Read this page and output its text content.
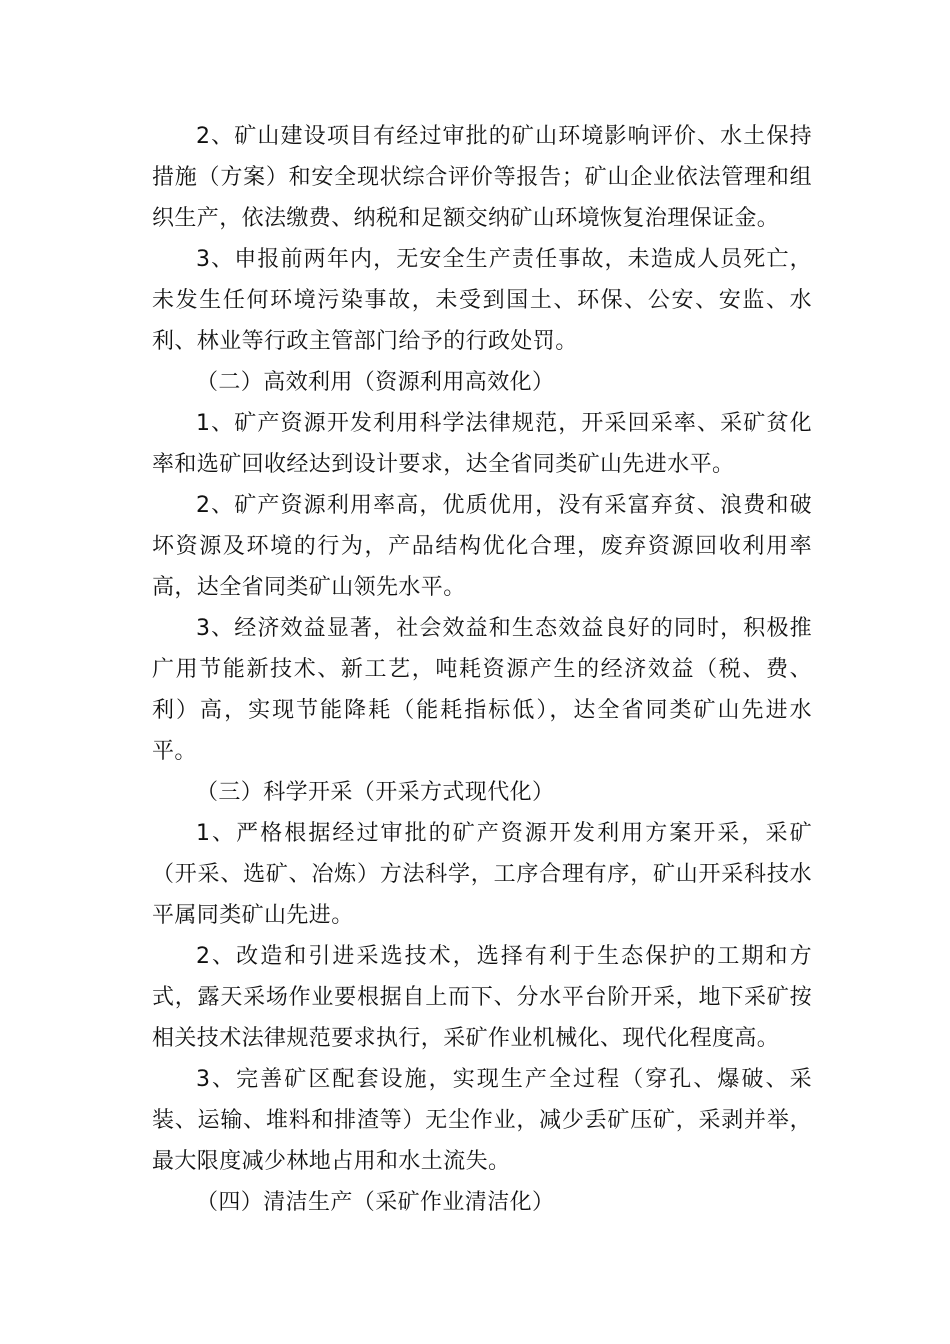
2、矿山建设项目有经过审批的矿山环境影响评价、水土保持措施（方案）和安全现状综合评价等报告；矿山企业依法管理和组织生产，依法缴费、纳税和足额交纳矿山环境恢复治理保证金。

3、申报前两年内，无安全生产责任事故，未造成人员死亡，未发生任何环境污染事故，未受到国土、环保、公安、安监、水利、林业等行政主管部门给予的行政处罚。

（二）高效利用（资源利用高效化）

1、矿产资源开发利用科学法律规范，开采回采率、采矿贫化率和选矿回收经达到设计要求，达全省同类矿山先进水平。

2、矿产资源利用率高，优质优用，没有采富弃贫、浪费和破坏资源及环境的行为，产品结构优化合理，废弃资源回收利用率高，达全省同类矿山领先水平。

3、经济效益显著，社会效益和生态效益良好的同时，积极推广用节能新技术、新工艺，吨耗资源产生的经济效益（税、费、利）高，实现节能降耗（能耗指标低），达全省同类矿山先进水平。

（三）科学开采（开采方式现代化）

1、严格根据经过审批的矿产资源开发利用方案开采，采矿（开采、选矿、冶炼）方法科学，工序合理有序，矿山开采科技水平属同类矿山先进。

2、改造和引进采选技术，选择有利于生态保护的工期和方式，露天采场作业要根据自上而下、分水平台阶开采，地下采矿按相关技术法律规范要求执行，采矿作业机械化、现代化程度高。

3、完善矿区配套设施，实现生产全过程（穿孔、爆破、采装、运输、堆料和排渣等）无尘作业，减少丢矿压矿，采剥并举，最大限度减少林地占用和水土流失。

（四）清洁生产（采矿作业清洁化）
